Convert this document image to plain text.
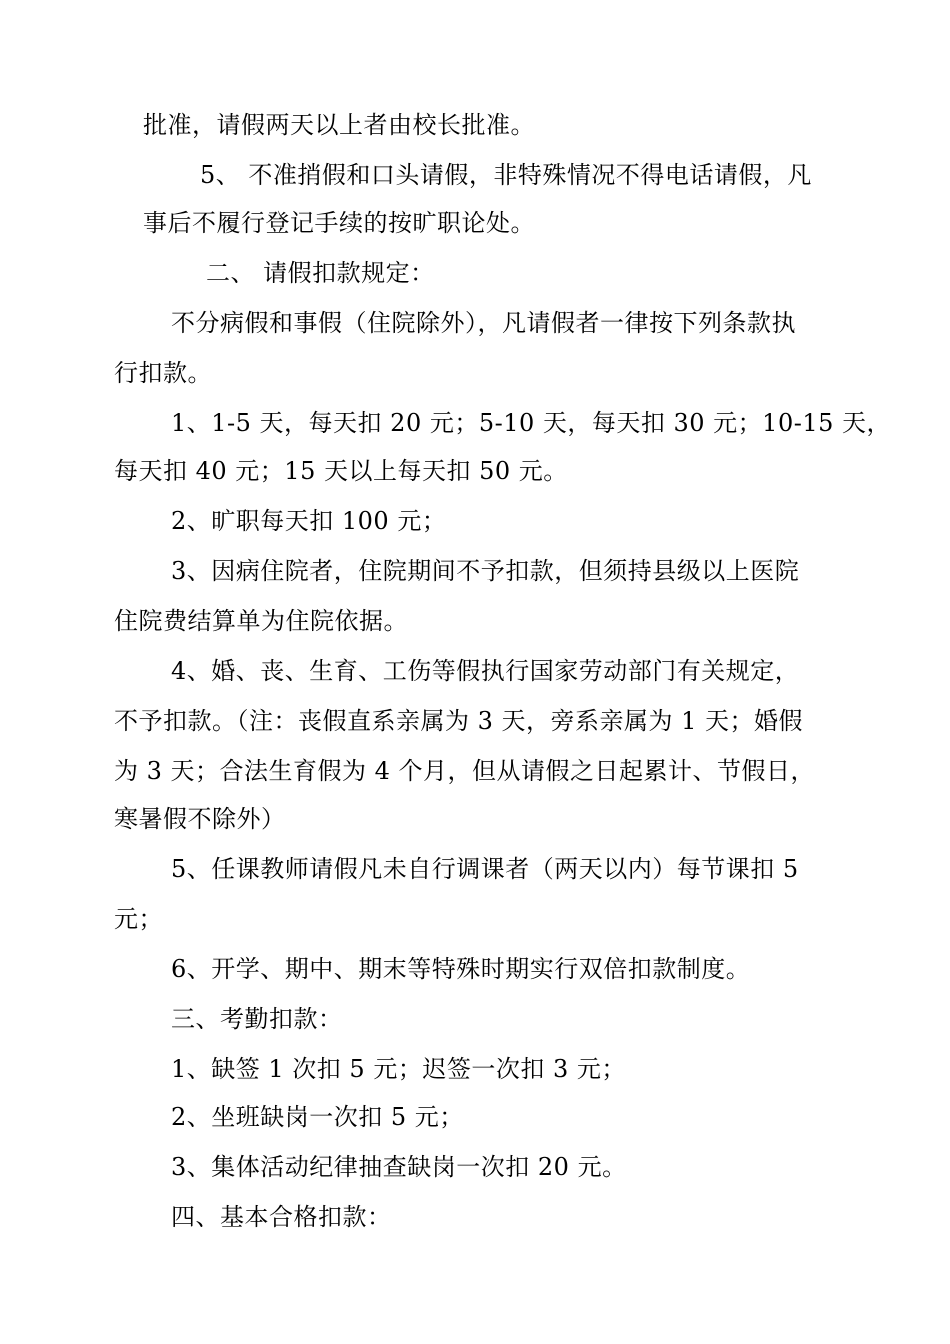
批准，请假两天以上者由校长批准。
5、 不准捎假和口头请假，非特殊情况不得电话请假，凡
事后不履行登记手续的按旷职论处。
二、 请假扣款规定：
不分病假和事假（住院除外），凡请假者一律按下列条款执
行扣款。
1、1-5 天，每天扣 20 元；5-10 天，每天扣 30 元；10-15 天，
每天扣 40 元；15 天以上每天扣 50 元。
2、旷职每天扣 100 元；
3、因病住院者，住院期间不予扣款，但须持县级以上医院
住院费结算单为住院依据。
4、婚、丧、生育、工伤等假执行国家劳动部门有关规定，
不予扣款。（注：丧假直系亲属为 3 天，旁系亲属为 1 天；婚假
为 3 天；合法生育假为 4 个月，但从请假之日起累计、节假日，
寒暑假不除外）
5、任课教师请假凡未自行调课者（两天以内）每节课扣 5
元；
6、开学、期中、期末等特殊时期实行双倍扣款制度。
三、考勤扣款：
1、缺签 1 次扣 5 元；迟签一次扣 3 元；
2、坐班缺岗一次扣 5 元；
3、集体活动纪律抽查缺岗一次扣 20 元。
四、基本合格扣款：
